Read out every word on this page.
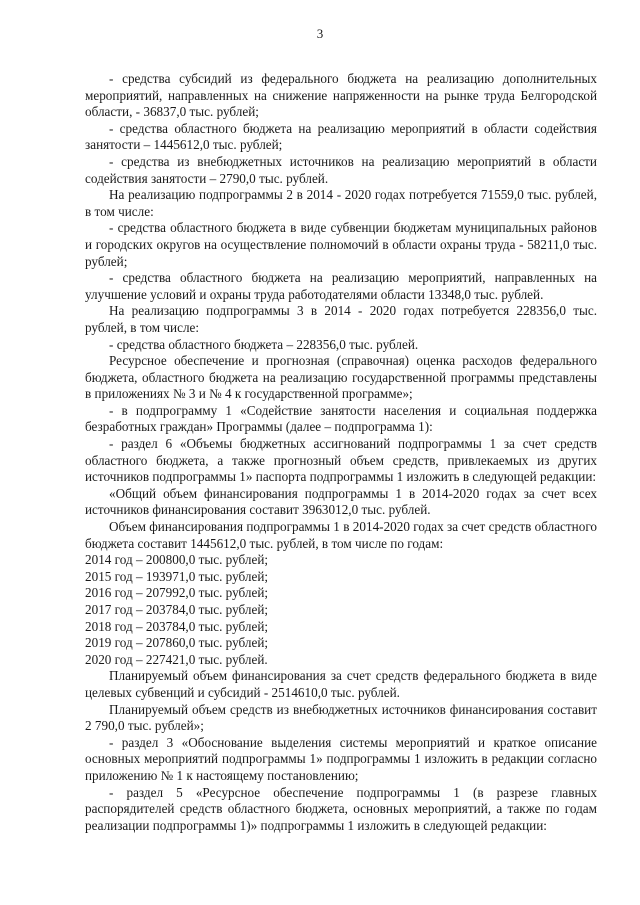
3

- средства субсидий из федерального бюджета на реализацию дополнительных мероприятий, направленных на снижение напряженности на рынке труда Белгородской области, - 36837,0 тыс. рублей;

- средства областного бюджета на реализацию мероприятий в области содействия занятости – 1445612,0 тыс. рублей;

- средства из внебюджетных источников на реализацию мероприятий в области содействия занятости – 2790,0 тыс. рублей.

На реализацию подпрограммы 2 в 2014 - 2020 годах потребуется 71559,0 тыс. рублей, в том числе:

- средства областного бюджета в виде субвенции бюджетам муниципальных районов и городских округов на осуществление полномочий в области охраны труда - 58211,0 тыс. рублей;

- средства областного бюджета на реализацию мероприятий, направленных на улучшение условий и охраны труда работодателями области 13348,0 тыс. рублей.

На реализацию подпрограммы 3 в 2014 - 2020 годах потребуется 228356,0 тыс. рублей, в том числе:

- средства областного бюджета – 228356,0 тыс. рублей.

Ресурсное обеспечение и прогнозная (справочная) оценка расходов федерального бюджета, областного бюджета на реализацию государственной программы представлены в приложениях № 3 и № 4 к государственной программе»;

- в подпрограмму 1 «Содействие занятости населения и социальная поддержка безработных граждан» Программы (далее – подпрограмма 1):

- раздел 6 «Объемы бюджетных ассигнований подпрограммы 1 за счет средств областного бюджета, а также прогнозный объем средств, привлекаемых из других источников подпрограммы 1» паспорта подпрограммы 1 изложить в следующей редакции:

«Общий объем финансирования подпрограммы 1 в 2014-2020 годах за счет всех источников финансирования составит 3963012,0 тыс. рублей.

Объем финансирования подпрограммы 1 в 2014-2020 годах за счет средств областного бюджета составит 1445612,0 тыс. рублей, в том числе по годам:

2014 год – 200800,0 тыс. рублей;

2015 год – 193971,0 тыс. рублей;

2016 год – 207992,0 тыс. рублей;

2017 год – 203784,0 тыс. рублей;

2018 год – 203784,0 тыс. рублей;

2019 год – 207860,0 тыс. рублей;

2020 год – 227421,0 тыс. рублей.

Планируемый объем финансирования за счет средств федерального бюджета в виде целевых субвенций и субсидий - 2514610,0 тыс. рублей.

Планируемый объем средств из внебюджетных источников финансирования составит 2 790,0 тыс. рублей»;

- раздел 3 «Обоснование выделения системы мероприятий и краткое описание основных мероприятий подпрограммы 1» подпрограммы 1 изложить в редакции согласно приложению № 1 к настоящему постановлению;

- раздел 5 «Ресурсное обеспечение подпрограммы 1 (в разрезе главных распорядителей средств областного бюджета, основных мероприятий, а также по годам реализации подпрограммы 1)» подпрограммы 1 изложить в следующей редакции:
